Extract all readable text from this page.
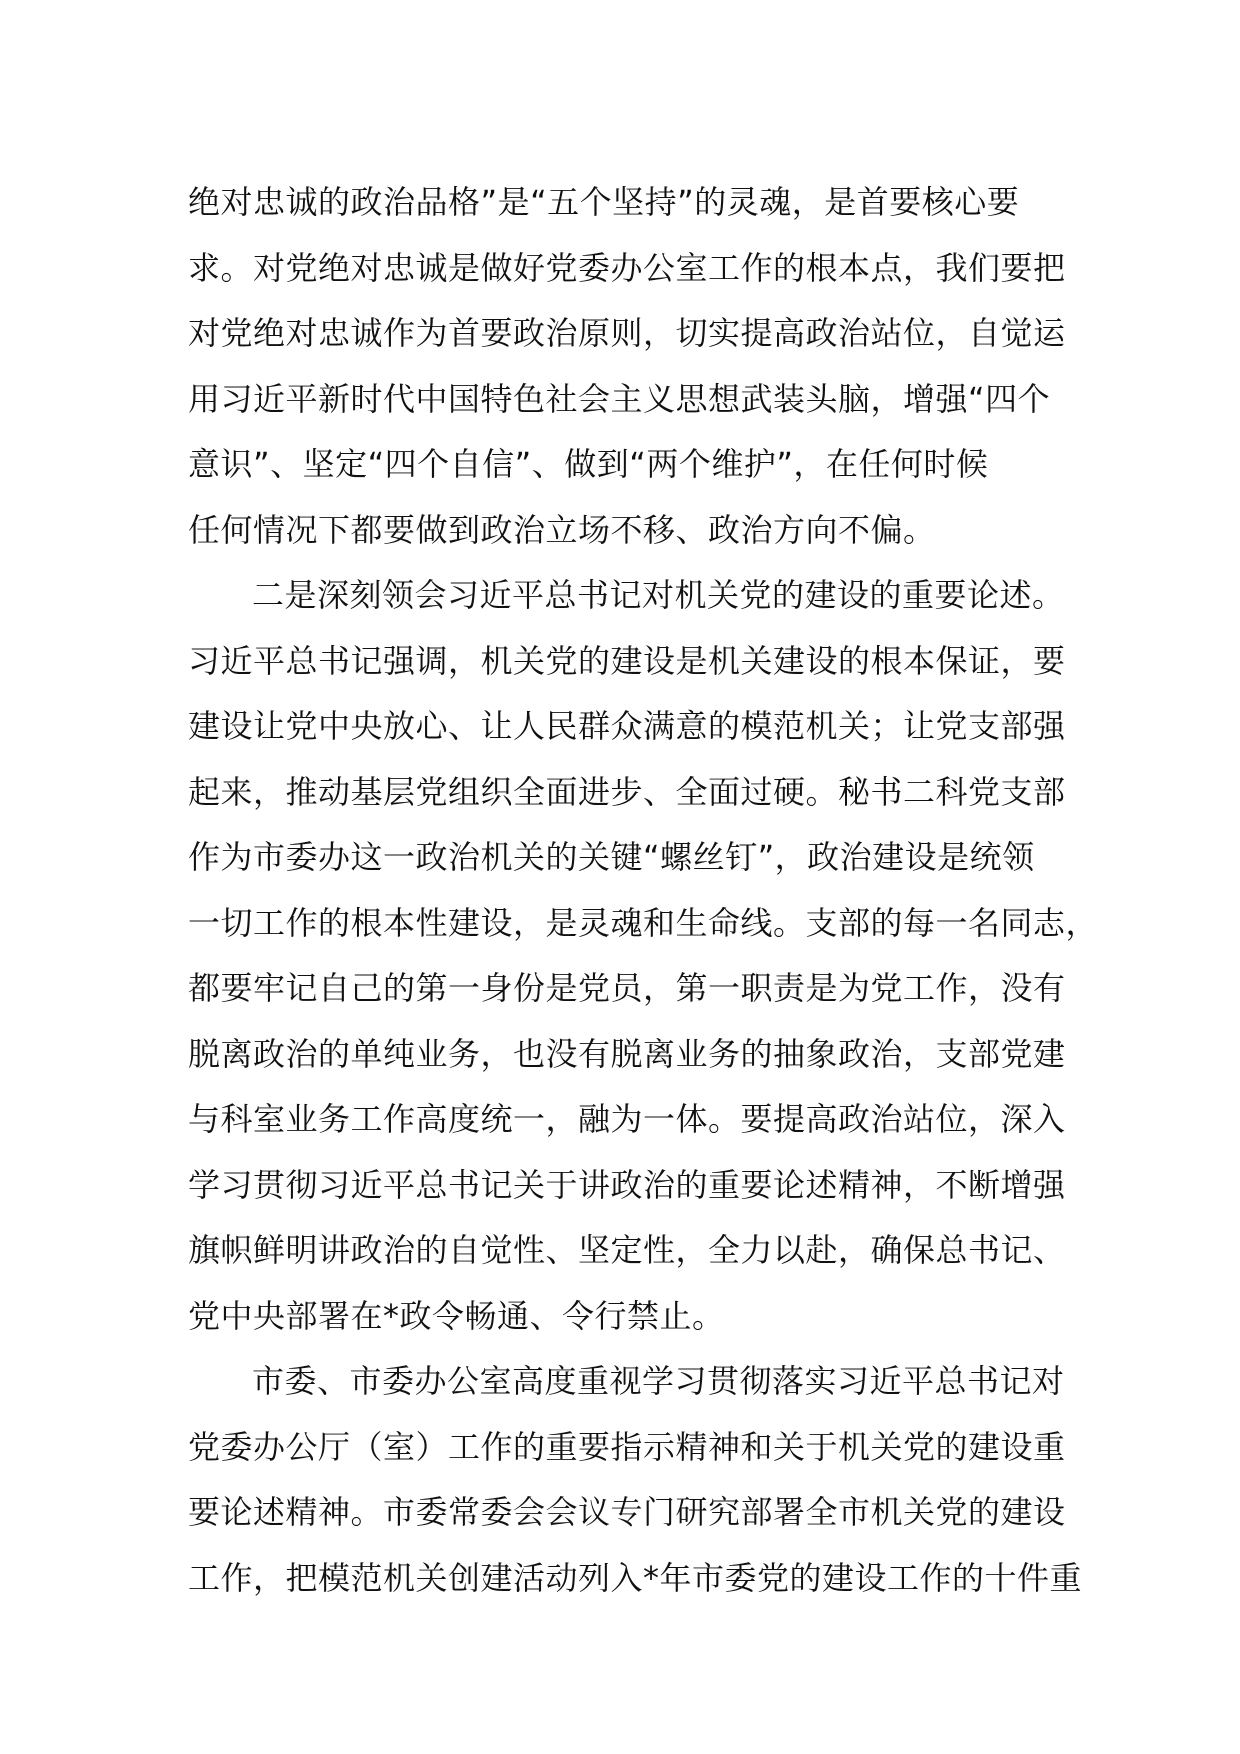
绝对忠诚的政治品格”是“五个坚持”的灵魂，是首要核心要
求。对党绝对忠诚是做好党委办公室工作的根本点，我们要把
对党绝对忠诚作为首要政治原则，切实提高政治站位，自觉运
用习近平新时代中国特色社会主义思想武装头脑，增强“四个
意识”、坚定“四个自信”、做到“两个维护”，在任何时候
任何情况下都要做到政治立场不移、政治方向不偏。
二是深刻领会习近平总书记对机关党的建设的重要论述。
习近平总书记强调，机关党的建设是机关建设的根本保证，要
建设让党中央放心、让人民群众满意的模范机关；让党支部强
起来，推动基层党组织全面进步、全面过硬。秘书二科党支部
作为市委办这一政治机关的关键“螺丝钉”，政治建设是统领
一切工作的根本性建设，是灵魂和生命线。支部的每一名同志，
都要牢记自己的第一身份是党员，第一职责是为党工作，没有
脱离政治的单纯业务，也没有脱离业务的抽象政治，支部党建
与科室业务工作高度统一，融为一体。要提高政治站位，深入
学习贯彻习近平总书记关于讲政治的重要论述精神，不断增强
旗帜鲜明讲政治的自觉性、坚定性，全力以赴，确保总书记、
党中央部署在*政令畅通、令行禁止。
市委、市委办公室高度重视学习贯彻落实习近平总书记对
党委办公厅（室）工作的重要指示精神和关于机关党的建设重
要论述精神。市委常委会会议专门研究部署全市机关党的建设
工作，把模范机关创建活动列入*年市委党的建设工作的十件重
